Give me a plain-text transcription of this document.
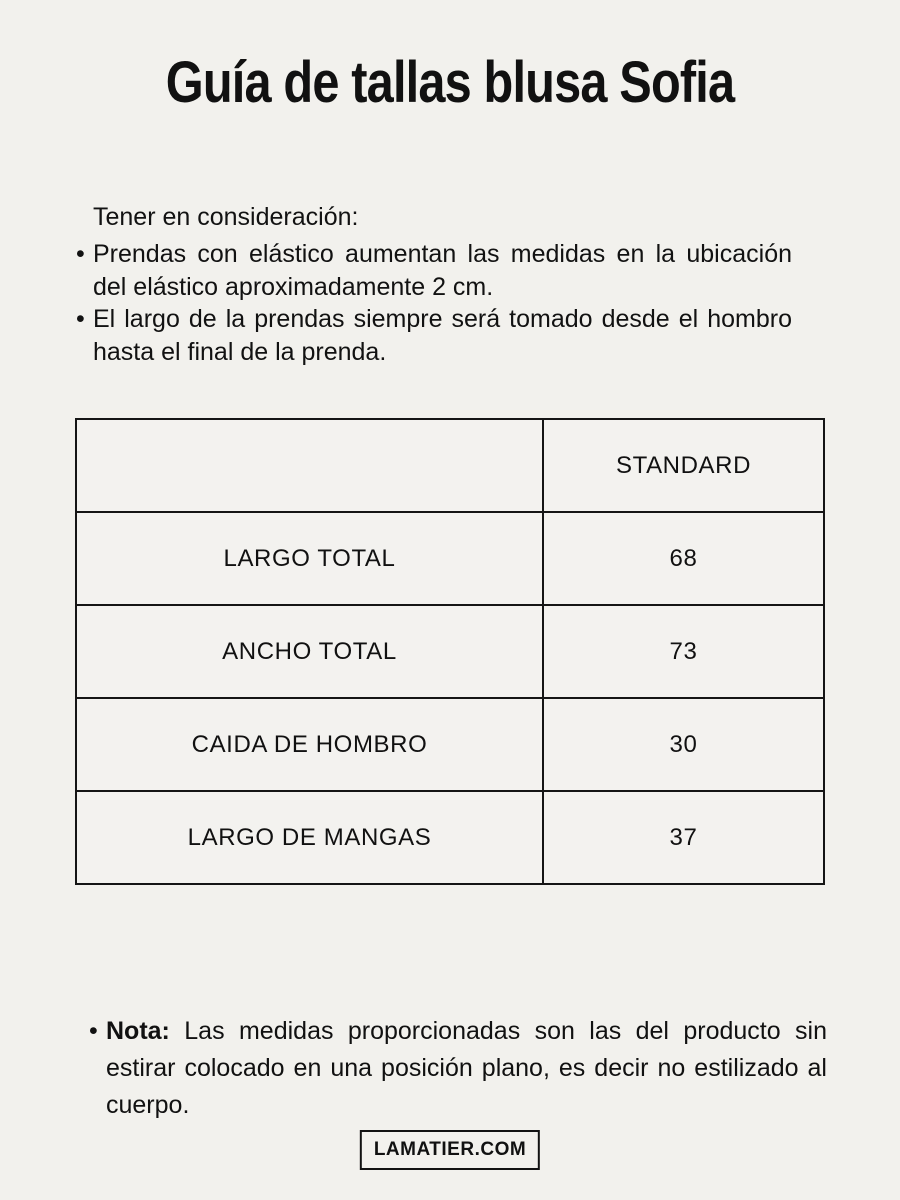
Guía de tallas blusa Sofia

Tener en consideración:

• Prendas con elástico aumentan las medidas en la ubicación del elástico aproximadamente 2 cm.
• El largo de la prendas siempre será tomado desde el hombro hasta el final de la prenda.
	STANDARD
LARGO TOTAL	68
ANCHO TOTAL	73
CAIDA DE HOMBRO	30
LARGO DE MANGAS	37
• Nota: Las medidas proporcionadas son las del producto sin estirar colocado en una posición plano, es decir no estilizado al cuerpo.
LAMATIER.COM
